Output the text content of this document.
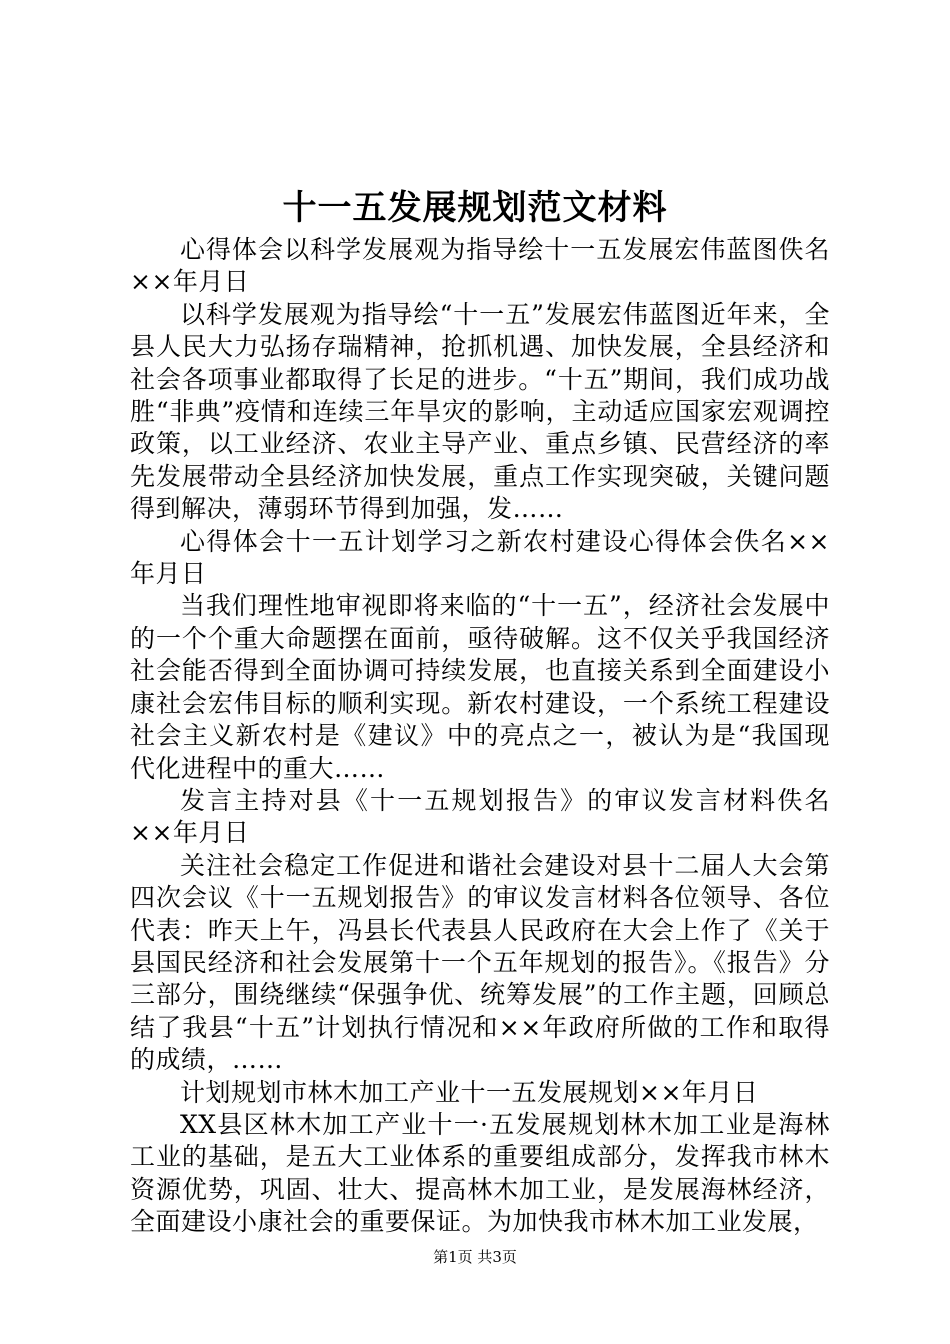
十一五发展规划范文材料

心得体会以科学发展观为指导绘十一五发展宏伟蓝图佚名××年月日

以科学发展观为指导绘“十一五”发展宏伟蓝图近年来，全县人民大力弘扬存瑞精神，抢抓机遇、加快发展，全县经济和社会各项事业都取得了长足的进步。“十五”期间，我们成功战胜“非典”疫情和连续三年旱灾的影响，主动适应国家宏观调控政策，以工业经济、农业主导产业、重点乡镇、民营经济的率先发展带动全县经济加快发展，重点工作实现突破，关键问题得到解决，薄弱环节得到加强，发……

心得体会十一五计划学习之新农村建设心得体会佚名××年月日

当我们理性地审视即将来临的“十一五”，经济社会发展中的一个个重大命题摆在面前，亟待破解。这不仅关乎我国经济社会能否得到全面协调可持续发展，也直接关系到全面建设小康社会宏伟目标的顺利实现。新农村建设，一个系统工程建设社会主义新农村是《建议》中的亮点之一，被认为是“我国现代化进程中的重大……

发言主持对县《十一五规划报告》的审议发言材料佚名××年月日

关注社会稳定工作促进和谐社会建设对县十二届人大会第四次会议《十一五规划报告》的审议发言材料各位领导、各位代表：昨天上午，冯县长代表县人民政府在大会上作了《关于县国民经济和社会发展第十一个五年规划的报告》。《报告》分三部分，围绕继续“保强争优、统筹发展”的工作主题，回顾总结了我县“十五”计划执行情况和××年政府所做的工作和取得的成绩，……

计划规划市林木加工产业十一五发展规划××年月日

XX县区林木加工产业十一·五发展规划林木加工业是海林工业的基础，是五大工业体系的重要组成部分，发挥我市林木资源优势，巩固、壮大、提高林木加工业，是发展海林经济，全面建设小康社会的重要保证。为加快我市林木加工业发展，

第1页 共3页
